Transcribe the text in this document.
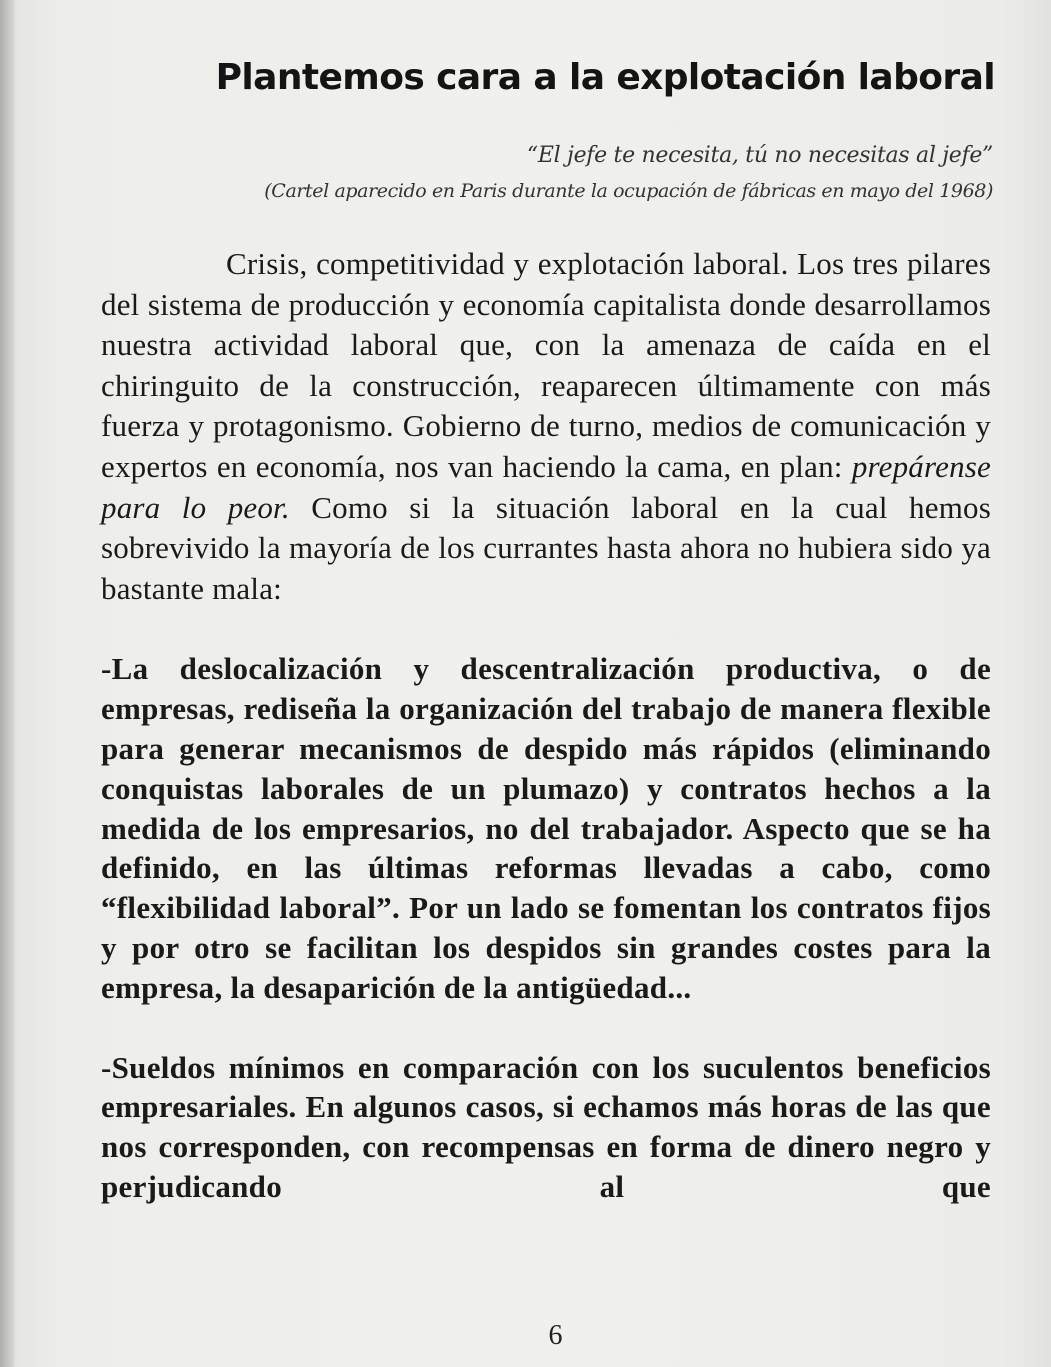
Plantemos cara a la explotación laboral
“El jefe te necesita, tú no necesitas al jefe”
(Cartel aparecido en Paris durante la ocupación de fábricas en mayo del 1968)

Crisis, competitividad y explotación laboral. Los tres pilares del sistema de producción y economía capitalista donde desarrollamos nuestra actividad laboral que, con la amenaza de caída en el chiringuito de la construcción, reaparecen últimamente con más fuerza y protagonismo. Gobierno de turno, medios de comunicación y expertos en economía, nos van haciendo la cama, en plan: prepárense para lo peor. Como si la situación laboral en la cual hemos sobrevivido la mayoría de los currantes hasta ahora no hubiera sido ya bastante mala:

-La deslocalización y descentralización productiva, o de empresas, rediseña la organización del trabajo de manera flexible para generar mecanismos de despido más rápidos (eliminando conquistas laborales de un plumazo) y contratos hechos a la medida de los empresarios, no del trabajador. Aspecto que se ha definido, en las últimas reformas llevadas a cabo, como “flexibilidad laboral”. Por un lado se fomentan los contratos fijos y por otro se facilitan los despidos sin grandes costes para la empresa, la desaparición de la antigüedad...

-Sueldos mínimos en comparación con los suculentos beneficios empresariales. En algunos casos, si echamos más horas de las que nos corresponden, con recompensas en forma de dinero negro y perjudicando al que

6
